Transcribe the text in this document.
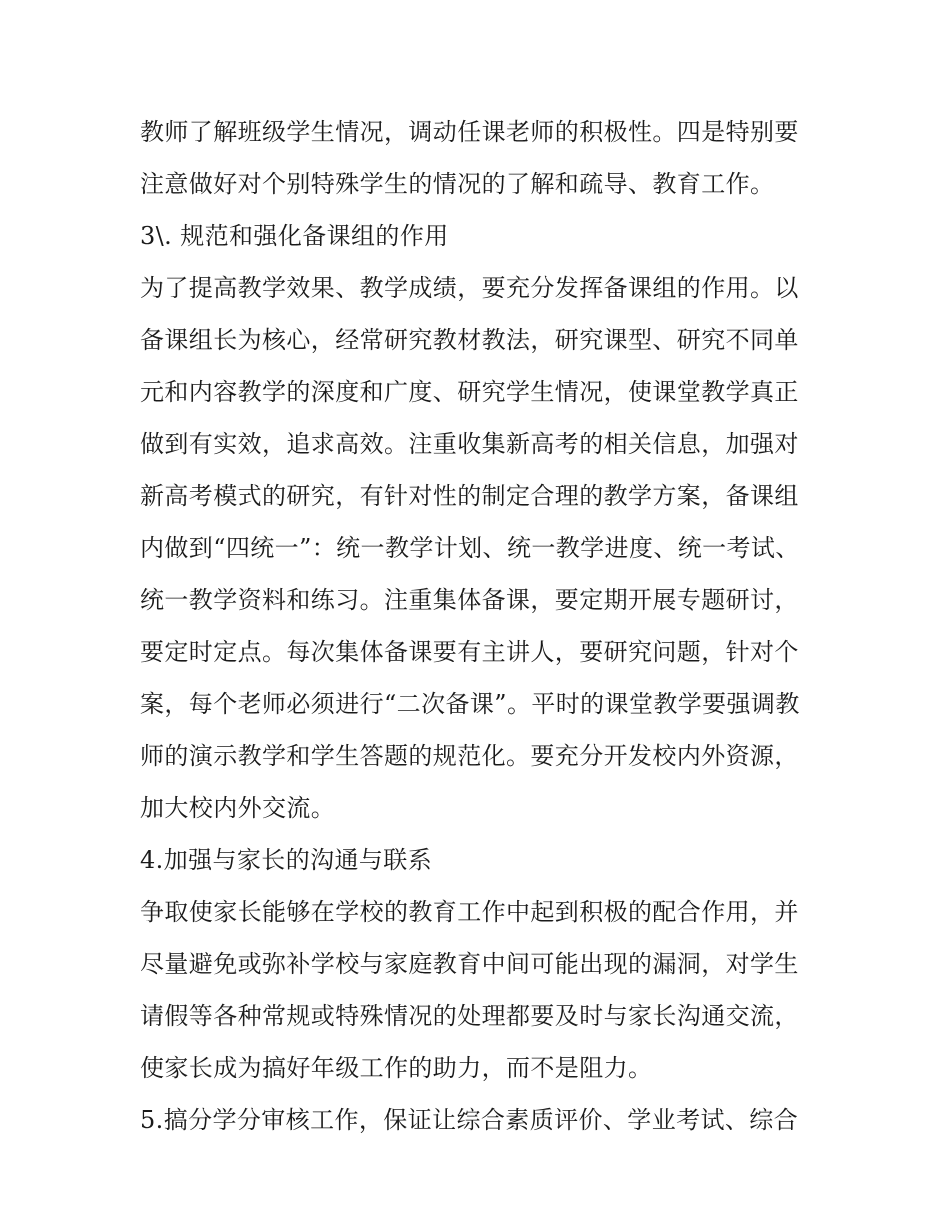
教师了解班级学生情况，调动任课老师的积极性。四是特别要
注意做好对个别特殊学生的情况的了解和疏导、教育工作。
3\. 规范和强化备课组的作用
为了提高教学效果、教学成绩，要充分发挥备课组的作用。以
备课组长为核心，经常研究教材教法，研究课型、研究不同单
元和内容教学的深度和广度、研究学生情况，使课堂教学真正
做到有实效，追求高效。注重收集新高考的相关信息，加强对
新高考模式的研究，有针对性的制定合理的教学方案，备课组
内做到“四统一”：统一教学计划、统一教学进度、统一考试、
统一教学资料和练习。注重集体备课，要定期开展专题研讨，
要定时定点。每次集体备课要有主讲人，要研究问题，针对个
案，每个老师必须进行“二次备课”。平时的课堂教学要强调教
师的演示教学和学生答题的规范化。要充分开发校内外资源，
加大校内外交流。
4.加强与家长的沟通与联系
争取使家长能够在学校的教育工作中起到积极的配合作用，并
尽量避免或弥补学校与家庭教育中间可能出现的漏洞，对学生
请假等各种常规或特殊情况的处理都要及时与家长沟通交流，
使家长成为搞好年级工作的助力，而不是阻力。
5.搞分学分审核工作，保证让综合素质评价、学业考试、综合
